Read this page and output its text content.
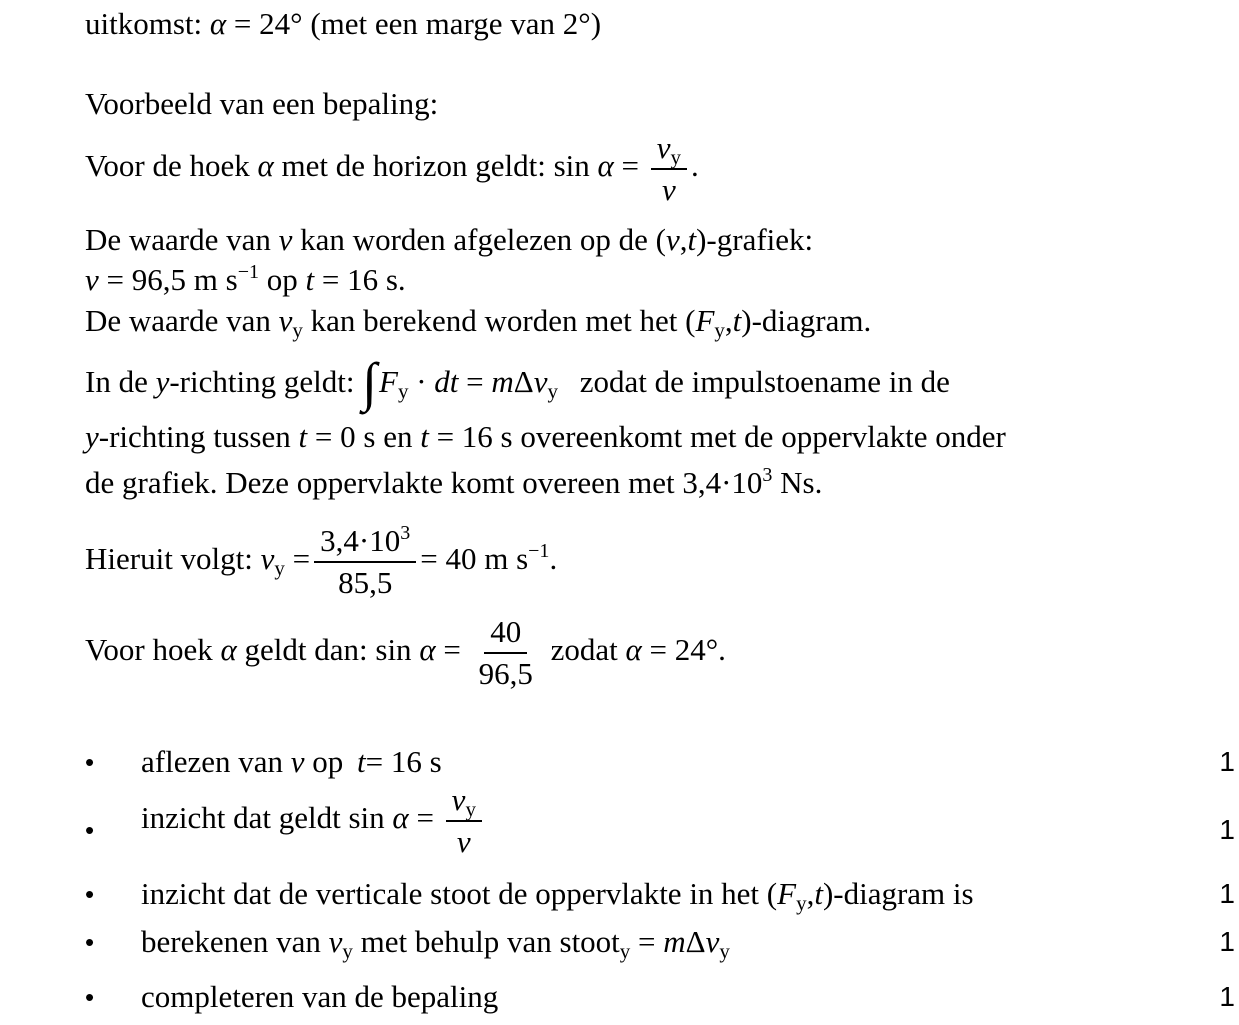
uitkomst: α = 24° (met een marge van 2°)
Voorbeeld van een bepaling:
Voor de hoek α met de horizon geldt: $\sin \alpha = \frac{v_y}{v}$ .
De waarde van v kan worden afgelezen op de (v,t)-grafiek:
v = 96,5 m $s^{-1}$ op t = 16 s.
De waarde van $v_y$ kan berekend worden met het $(F_y,t)$-diagram.
In de y-richting geldt: $\int F_y$ · dt = mΔv$_y$ zodat de impulstoename in de
y-richting tussen t = 0 s en t = 16 s overeenkomt met de oppervlakte onder
de grafiek. Deze oppervlakte komt overeen met $3,4\cdot 10^3$ Ns.
Hieruit volgt: $v_y = \frac{3,4\cdot 10^3}{85,5} = 40$ m $s^{-1}$.
Voor hoek α geldt dan: $\sin \alpha = \frac{40}{96,5}$ zodat α = 24°.
• aflezen van v op t= 16 s	1
• inzicht dat geldt $\sin \alpha = \frac{v_y}{v}$	1
• inzicht dat de verticale stoot de oppervlakte in het $(F_y,t)$-diagram is	1
• berekenen van $v_y$ met behulp van stoot$_y$ = mΔv$_y$	1
• completeren van de bepaling	1
